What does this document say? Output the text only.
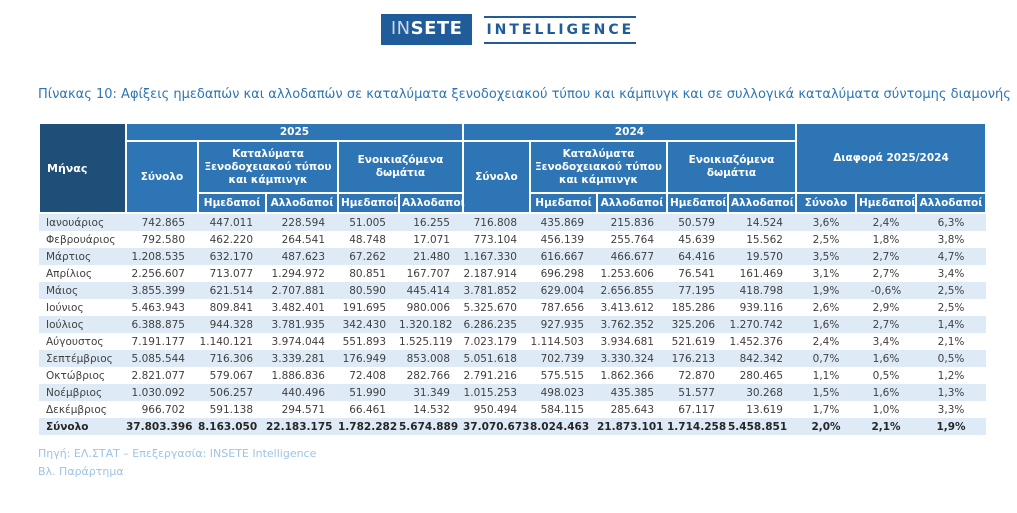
INSETE	INTELLIGENCE
Πίνακας 10: Αφίξεις ημεδαπών και αλλοδαπών σε καταλύματα ξενοδοχειακού τύπου και κάμπινγκ και σε συλλογικά καταλύματα σύντομης διαμονής
Μήνας	2025					2024					Διαφορά 2025/2024		
	Σύνολο	Καταλύματα Ξενοδοχειακού τύπου και κάμπινγκ		Ενοικιαζόμενα δωμάτια		Σύνολο	Καταλύματα Ξενοδοχειακού τύπου και κάμπινγκ		Ενοικιαζόμενα δωμάτια				
		Ημεδαποί	Αλλοδαποί	Ημεδαποί	Αλλοδαποί		Ημεδαποί	Αλλοδαποί	Ημεδαποί	Αλλοδαποί	Σύνολο	Ημεδαποί	Αλλοδαποί
Ιανουάριος	742.865	447.011	228.594	51.005	16.255	716.808	435.869	215.836	50.579	14.524	3,6%	2,4%	6,3%
Φεβρουάριος	792.580	462.220	264.541	48.748	17.071	773.104	456.139	255.764	45.639	15.562	2,5%	1,8%	3,8%
Μάρτιος	1.208.535	632.170	487.623	67.262	21.480	1.167.330	616.667	466.677	64.416	19.570	3,5%	2,7%	4,7%
Απρίλιος	2.256.607	713.077	1.294.972	80.851	167.707	2.187.914	696.298	1.253.606	76.541	161.469	3,1%	2,7%	3,4%
Μάιος	3.855.399	621.514	2.707.881	80.590	445.414	3.781.852	629.004	2.656.855	77.195	418.798	1,9%	-0,6%	2,5%
Ιούνιος	5.463.943	809.841	3.482.401	191.695	980.006	5.325.670	787.656	3.413.612	185.286	939.116	2,6%	2,9%	2,5%
Ιούλιος	6.388.875	944.328	3.781.935	342.430	1.320.182	6.286.235	927.935	3.762.352	325.206	1.270.742	1,6%	2,7%	1,4%
Αύγουστος	7.191.177	1.140.121	3.974.044	551.893	1.525.119	7.023.179	1.114.503	3.934.681	521.619	1.452.376	2,4%	3,4%	2,1%
Σεπτέμβριος	5.085.544	716.306	3.339.281	176.949	853.008	5.051.618	702.739	3.330.324	176.213	842.342	0,7%	1,6%	0,5%
Οκτώβριος	2.821.077	579.067	1.886.836	72.408	282.766	2.791.216	575.515	1.862.366	72.870	280.465	1,1%	0,5%	1,2%
Νοέμβριος	1.030.092	506.257	440.496	51.990	31.349	1.015.253	498.023	435.385	51.577	30.268	1,5%	1,6%	1,3%
Δεκέμβριος	966.702	591.138	294.571	66.461	14.532	950.494	584.115	285.643	67.117	13.619	1,7%	1,0%	3,3%
Σύνολο	37.803.396	8.163.050	22.183.175	1.782.282	5.674.889	37.070.673	8.024.463	21.873.101	1.714.258	5.458.851	2,0%	2,1%	1,9%
Πηγή: ΕΛ.ΣΤΑΤ – Επεξεργασία: INSETE Intelligence
Βλ. Παράρτημα
